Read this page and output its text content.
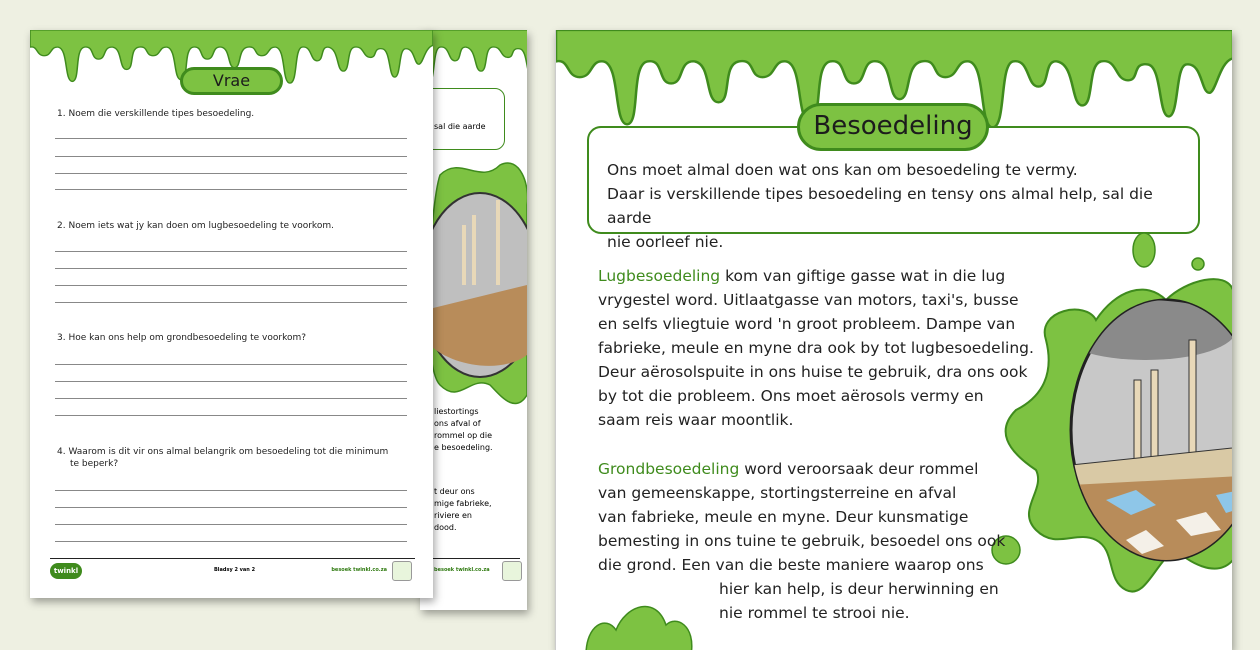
Vrae
1. Noem die verskillende tipes besoedeling.
2. Noem iets wat jy kan doen om lugbesoedeling te voorkom.
3. Hoe kan ons help om grondbesoedeling te voorkom?
4. Waarom is dit vir ons almal belangrik om besoedeling tot die minimum
te beperk?
twinkl	Bladsy 2 van 2	besoek twinkl.co.za
sal die aarde
liestortings
ons afval of
rommel op die
e besoedeling.
t deur ons
mige fabrieke,
riviere en
dood.
besoek twinkl.co.za
Ons moet almal doen wat ons kan om besoedeling te vermy.
Daar is verskillende tipes besoedeling en tensy ons almal help, sal die aarde
nie oorleef nie.
Besoedeling
Lugbesoedeling kom van giftige gasse wat in die lug
vrygestel word. Uitlaatgasse van motors, taxi's, busse
en selfs vliegtuie word 'n groot probleem. Dampe van
fabrieke, meule en myne dra ook by tot lugbesoedeling.
Deur aërosolspuite in ons huise te gebruik, dra ons ook
by tot die probleem. Ons moet aërosols vermy en
saam reis waar moontlik.
Grondbesoedeling word veroorsaak deur rommel
van gemeenskappe, stortingsterreine en afval
van fabrieke, meule en myne. Deur kunsmatige
bemesting in ons tuine te gebruik, besoedel ons ook
die grond. Een van die beste maniere waarop ons
hier kan help, is deur herwinning en
nie rommel te strooi nie.
